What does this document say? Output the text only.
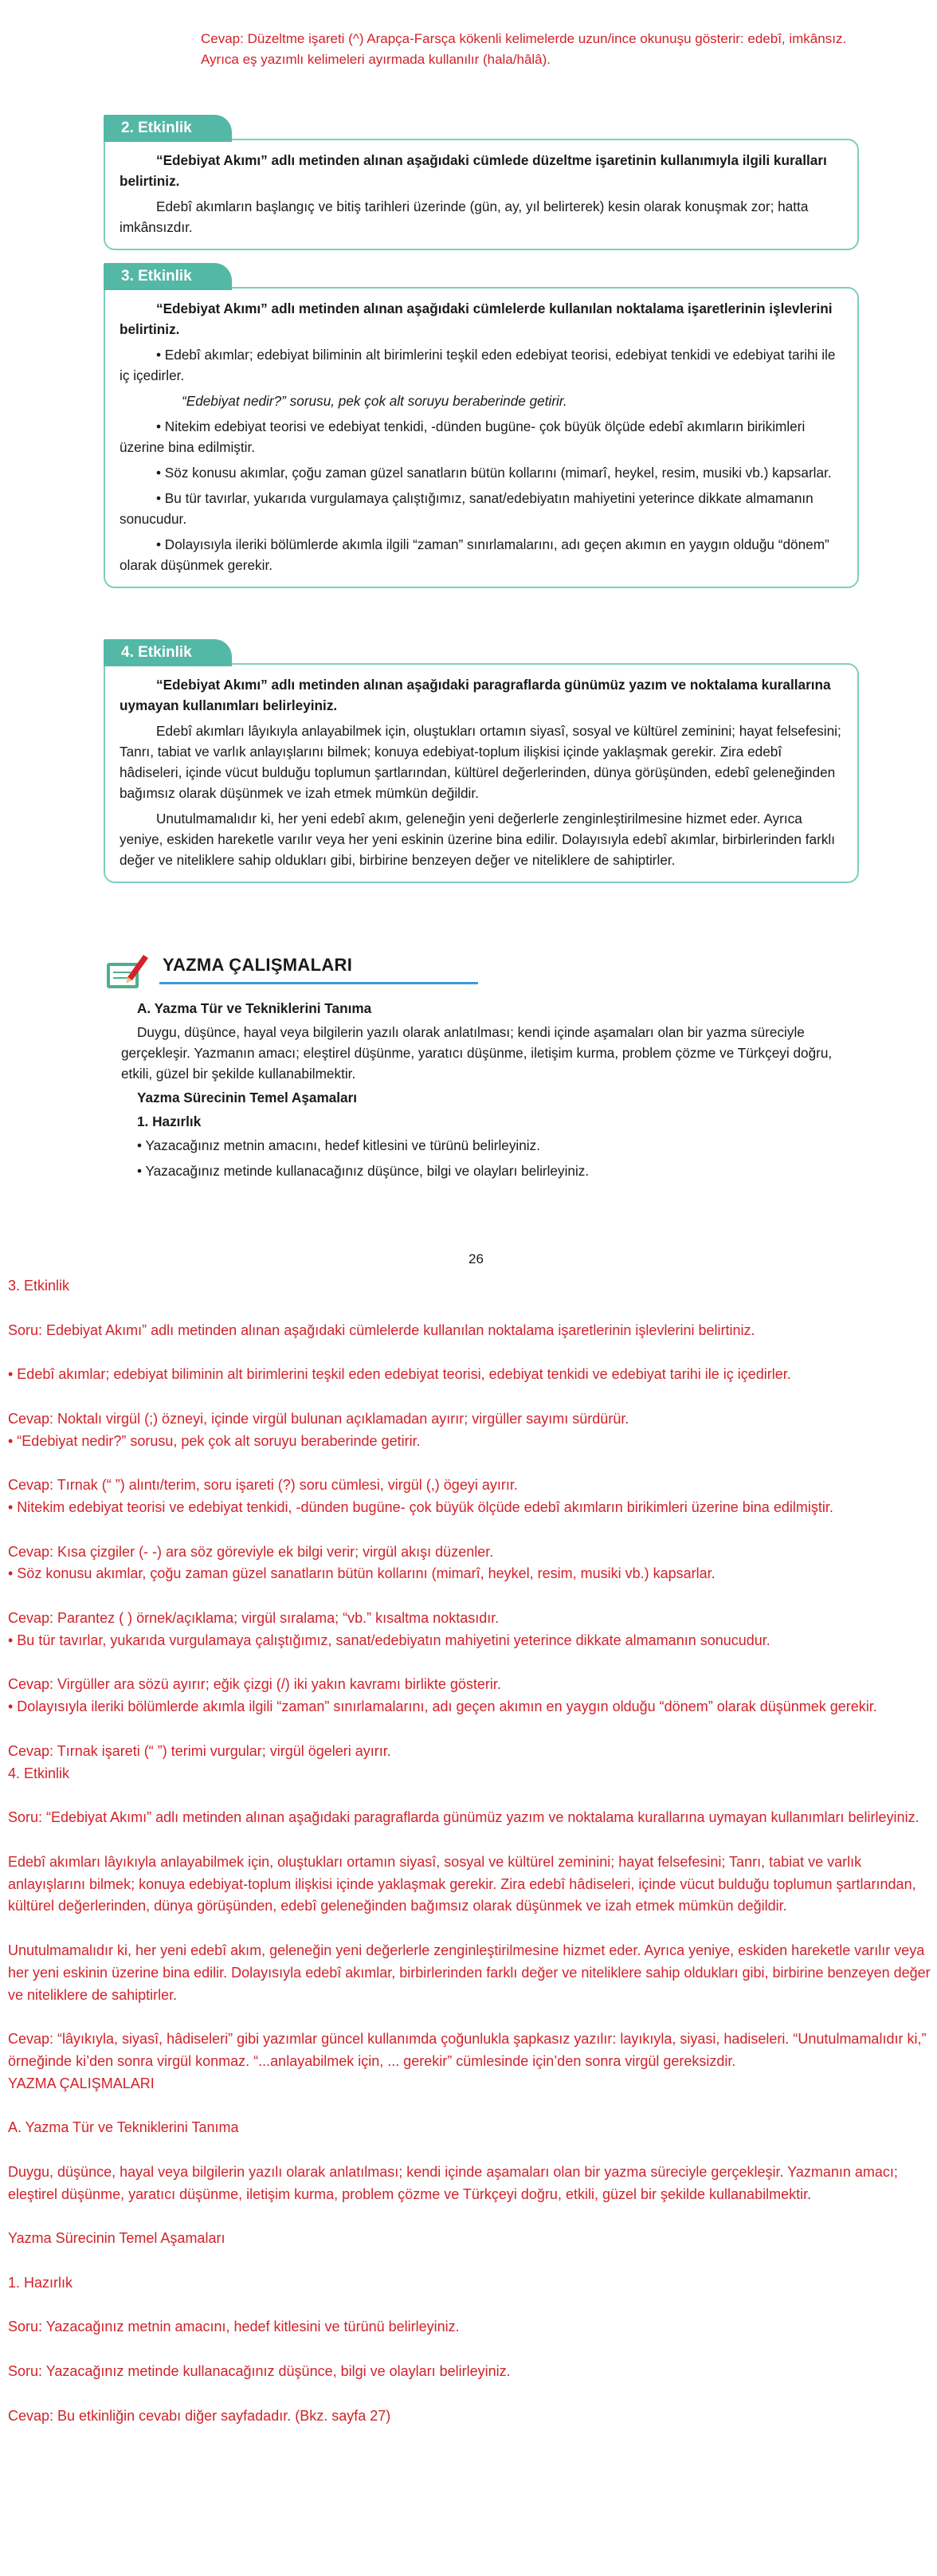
Cevap: Düzeltme işareti (^) Arapça-Farsça kökenli kelimelerde uzun/ince okunuşu gösterir: edebî, imkânsız. Ayrıca eş yazımlı kelimeleri ayırmada kullanılır (hala/hâlâ).
2. Etkinlik

“Edebiyat Akımı” adlı metinden alınan aşağıdaki cümlede düzeltme işaretinin kullanımıyla ilgili kuralları belirtiniz.

Edebî akımların başlangıç ve bitiş tarihleri üzerinde (gün, ay, yıl belirterek) kesin olarak konuşmak zor; hatta imkânsızdır.

3. Etkinlik

“Edebiyat Akımı” adlı metinden alınan aşağıdaki cümlelerde kullanılan noktalama işaretlerinin işlevlerini belirtiniz.

• Edebî akımlar; edebiyat biliminin alt birimlerini teşkil eden edebiyat teorisi, edebiyat tenkidi ve edebiyat tarihi ile iç içedirler.

“Edebiyat nedir?” sorusu, pek çok alt soruyu beraberinde getirir.

• Nitekim edebiyat teorisi ve edebiyat tenkidi, -dünden bugüne- çok büyük ölçüde edebî akımların birikimleri üzerine bina edilmiştir.

• Söz konusu akımlar, çoğu zaman güzel sanatların bütün kollarını (mimarî, heykel, resim, musiki vb.) kapsarlar.

• Bu tür tavırlar, yukarıda vurgulamaya çalıştığımız, sanat/edebiyatın mahiyetini yeterince dikkate almamanın sonucudur.

• Dolayısıyla ileriki bölümlerde akımla ilgili “zaman” sınırlamalarını, adı geçen akımın en yaygın olduğu “dönem” olarak düşünmek gerekir.

4. Etkinlik

“Edebiyat Akımı” adlı metinden alınan aşağıdaki paragraflarda günümüz yazım ve noktalama kurallarına uymayan kullanımları belirleyiniz.

Edebî akımları lâyıkıyla anlayabilmek için, oluştukları ortamın siyasî, sosyal ve kültürel zeminini; hayat felsefesini; Tanrı, tabiat ve varlık anlayışlarını bilmek; konuya edebiyat-toplum ilişkisi içinde yaklaşmak gerekir. Zira edebî hâdiseleri, içinde vücut bulduğu toplumun şartlarından, kültürel değerlerinden, dünya görüşünden, edebî geleneğinden bağımsız olarak düşünmek ve izah etmek mümkün değildir.

Unutulmamalıdır ki, her yeni edebî akım, geleneğin yeni değerlerle zenginleştirilmesine hizmet eder. Ayrıca yeniye, eskiden hareketle varılır veya her yeni eskinin üzerine bina edilir. Dolayısıyla edebî akımlar, birbirlerinden farklı değer ve niteliklere sahip oldukları gibi, birbirine benzeyen değer ve niteliklere de sahiptirler.

YAZMA ÇALIŞMALARI
A. Yazma Tür ve Tekniklerini Tanıma

Duygu, düşünce, hayal veya bilgilerin yazılı olarak anlatılması; kendi içinde aşamaları olan bir yazma süreciyle gerçekleşir. Yazmanın amacı; eleştirel düşünme, yaratıcı düşünme, iletişim kurma, problem çözme ve Türkçeyi doğru, etkili, güzel bir şekilde kullanabilmektir.

Yazma Sürecinin Temel Aşamaları
1. Hazırlık

• Yazacağınız metnin amacını, hedef kitlesini ve türünü belirleyiniz.

• Yazacağınız metinde kullanacağınız düşünce, bilgi ve olayları belirleyiniz.

26

3. Etkinlik

Soru: Edebiyat Akımı” adlı metinden alınan aşağıdaki cümlelerde kullanılan noktalama işaretlerinin işlevlerini belirtiniz.

• Edebî akımlar; edebiyat biliminin alt birimlerini teşkil eden edebiyat teorisi, edebiyat tenkidi ve edebiyat tarihi ile iç içedirler.

Cevap: Noktalı virgül (;) özneyi, içinde virgül bulunan açıklamadan ayırır; virgüller sayımı sürdürür.

• “Edebiyat nedir?” sorusu, pek çok alt soruyu beraberinde getirir.

Cevap: Tırnak (“ ”) alıntı/terim, soru işareti (?) soru cümlesi, virgül (,) ögeyi ayırır.

• Nitekim edebiyat teorisi ve edebiyat tenkidi, -dünden bugüne- çok büyük ölçüde edebî akımların birikimleri üzerine bina edilmiştir.

Cevap: Kısa çizgiler (- -) ara söz göreviyle ek bilgi verir; virgül akışı düzenler.

• Söz konusu akımlar, çoğu zaman güzel sanatların bütün kollarını (mimarî, heykel, resim, musiki vb.) kapsarlar.

Cevap: Parantez ( ) örnek/açıklama; virgül sıralama; “vb.” kısaltma noktasıdır.

• Bu tür tavırlar, yukarıda vurgulamaya çalıştığımız, sanat/edebiyatın mahiyetini yeterince dikkate almamanın sonucudur.

Cevap: Virgüller ara sözü ayırır; eğik çizgi (/) iki yakın kavramı birlikte gösterir.

• Dolayısıyla ileriki bölümlerde akımla ilgili “zaman” sınırlamalarını, adı geçen akımın en yaygın olduğu “dönem” olarak düşünmek gerekir.

Cevap: Tırnak işareti (“ ”) terimi vurgular; virgül ögeleri ayırır.

4. Etkinlik

Soru: “Edebiyat Akımı” adlı metinden alınan aşağıdaki paragraflarda günümüz yazım ve noktalama kurallarına uymayan kullanımları belirleyiniz.

Edebî akımları lâyıkıyla anlayabilmek için, oluştukları ortamın siyasî, sosyal ve kültürel zeminini; hayat felsefesini; Tanrı, tabiat ve varlık anlayışlarını bilmek; konuya edebiyat-toplum ilişkisi içinde yaklaşmak gerekir. Zira edebî hâdiseleri, içinde vücut bulduğu toplumun şartlarından, kültürel değerlerinden, dünya görüşünden, edebî geleneğinden bağımsız olarak düşünmek ve izah etmek mümkün değildir.

Unutulmamalıdır ki, her yeni edebî akım, geleneğin yeni değerlerle zenginleştirilmesine hizmet eder. Ayrıca yeniye, eskiden hareketle varılır veya her yeni eskinin üzerine bina edilir. Dolayısıyla edebî akımlar, birbirlerinden farklı değer ve niteliklere sahip oldukları gibi, birbirine benzeyen değer ve niteliklere de sahiptirler.

Cevap: “lâyıkıyla, siyasî, hâdiseleri” gibi yazımlar güncel kullanımda çoğunlukla şapkasız yazılır: layıkıyla, siyasi, hadiseleri. “Unutulmamalıdır ki,” örneğinde ki’den sonra virgül konmaz. “...anlayabilmek için, ... gerekir” cümlesinde için’den sonra virgül gereksizdir.

YAZMA ÇALIŞMALARI

A. Yazma Tür ve Tekniklerini Tanıma

Duygu, düşünce, hayal veya bilgilerin yazılı olarak anlatılması; kendi içinde aşamaları olan bir yazma süreciyle gerçekleşir. Yazmanın amacı; eleştirel düşünme, yaratıcı düşünme, iletişim kurma, problem çözme ve Türkçeyi doğru, etkili, güzel bir şekilde kullanabilmektir.

Yazma Sürecinin Temel Aşamaları

1. Hazırlık

Soru: Yazacağınız metnin amacını, hedef kitlesini ve türünü belirleyiniz.

Soru: Yazacağınız metinde kullanacağınız düşünce, bilgi ve olayları belirleyiniz.

Cevap: Bu etkinliğin cevabı diğer sayfadadır. (Bkz. sayfa 27)
